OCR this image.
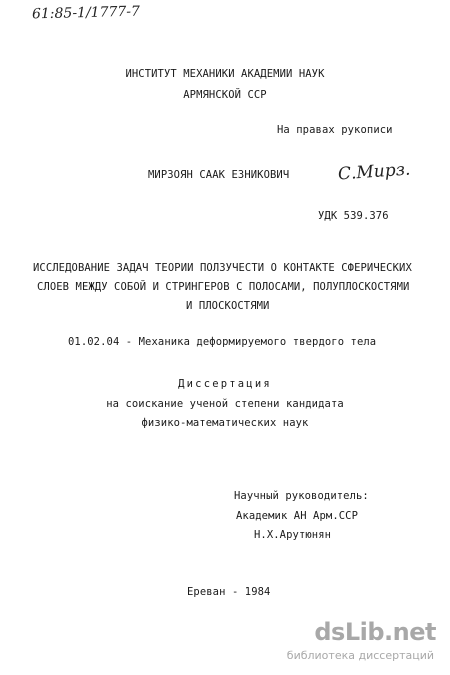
61:85-1/1777-7
ИНСТИТУТ МЕХАНИКИ АКАДЕМИИ НАУК
АРМЯНСКОЙ ССР
На правах рукописи
МИРЗОЯН САAK ЕЗНИКОВИЧ	С.Мирз.
УДК 539.376
ИССЛЕДОВАНИЕ ЗАДАЧ ТЕОРИИ ПОЛЗУЧЕСТИ О КОНТАКТЕ СФЕРИЧЕСКИХ
СЛОЕВ МЕЖДУ СОБОЙ И СТРИНГЕРОВ С ПОЛОСАМИ, ПОЛУПЛОСКОСТЯМИ
И ПЛОСКОСТЯМИ
01.02.04 - Механика деформируемого твердого тела
Диссертация
на соискание ученой степени кандидата
физико-математических наук
Научный руководитель:
Академик АН Арм.ССР
Н.Х.Арутюнян
Ереван - 1984
dsLib.net
библиотека диссертаций
